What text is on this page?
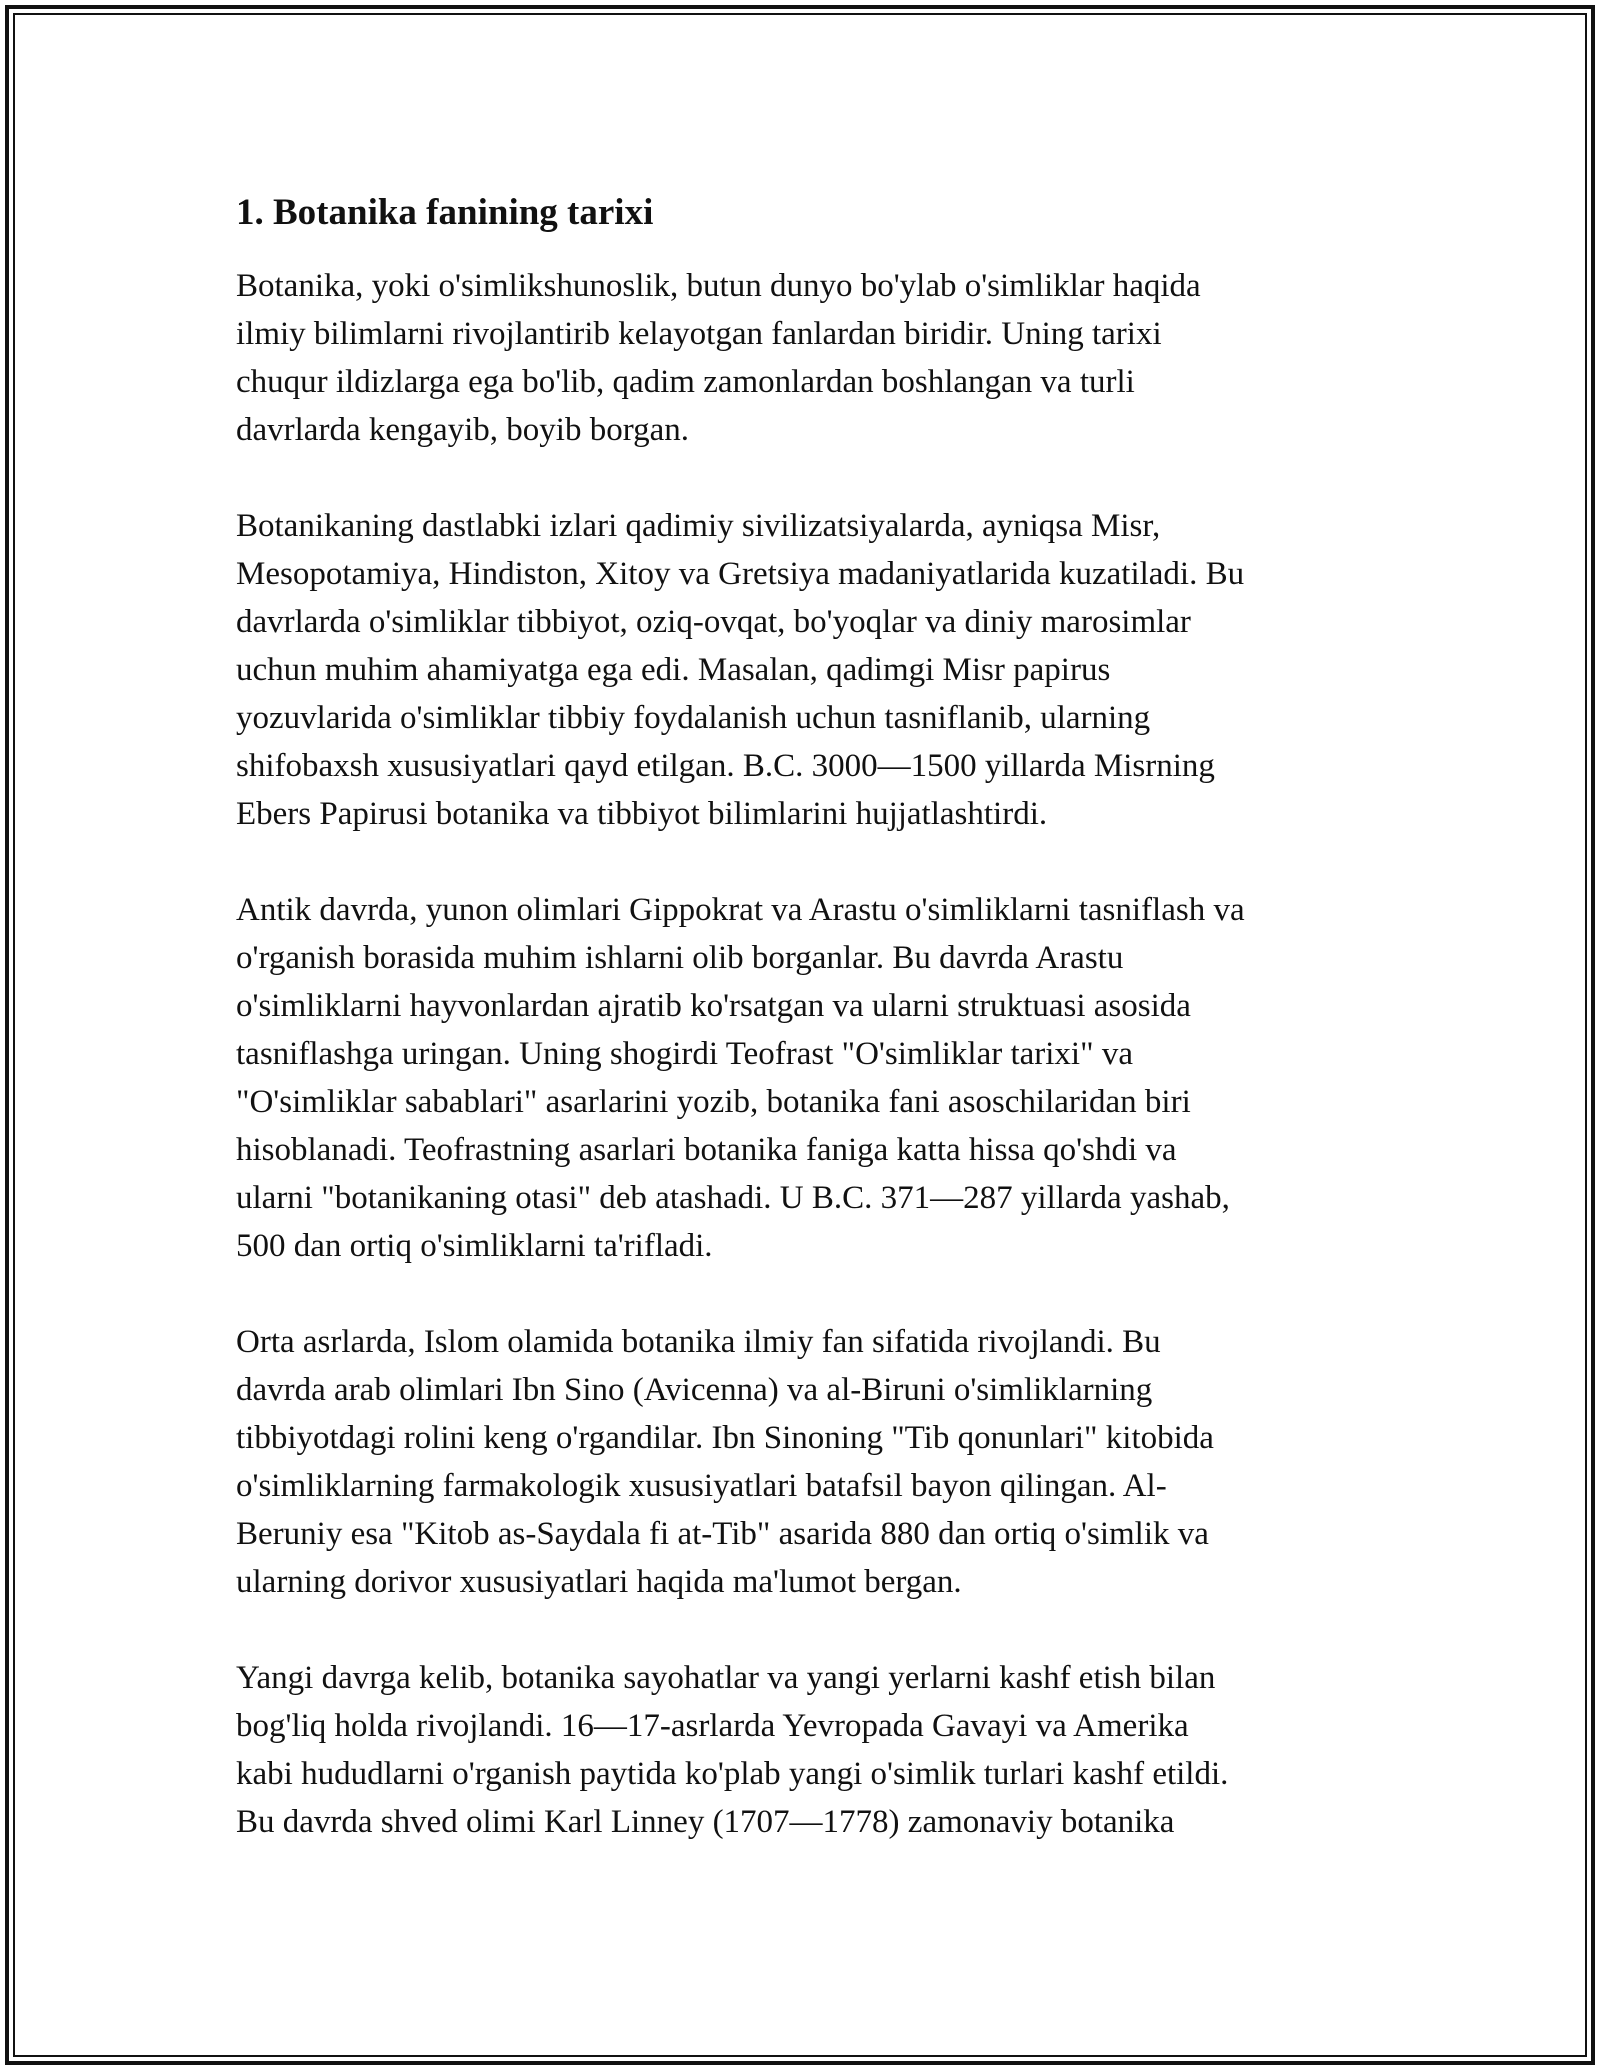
1. Botanika fanining tarixi

Botanika, yoki o'simlikshunoslik, butun dunyo bo'ylab o'simliklar haqida
ilmiy bilimlarni rivojlantirib kelayotgan fanlardan biridir. Uning tarixi
chuqur ildizlarga ega bo'lib, qadim zamonlardan boshlangan va turli
davrlarda kengayib, boyib borgan.

Botanikaning dastlabki izlari qadimiy sivilizatsiyalarda, ayniqsa Misr,
Mesopotamiya, Hindiston, Xitoy va Gretsiya madaniyatlarida kuzatiladi. Bu
davrlarda o'simliklar tibbiyot, oziq-ovqat, bo'yoqlar va diniy marosimlar
uchun muhim ahamiyatga ega edi. Masalan, qadimgi Misr papirus
yozuvlarida o'simliklar tibbiy foydalanish uchun tasniflanib, ularning
shifobaxsh xususiyatlari qayd etilgan. B.C. 3000—1500 yillarda Misrning
Ebers Papirusi botanika va tibbiyot bilimlarini hujjatlashtirdi.

Antik davrda, yunon olimlari Gippokrat va Arastu o'simliklarni tasniflash va
o'rganish borasida muhim ishlarni olib borganlar. Bu davrda Arastu
o'simliklarni hayvonlardan ajratib ko'rsatgan va ularni struktuasi asosida
tasniflashga uringan. Uning shogirdi Teofrast "O'simliklar tarixi" va
"O'simliklar sabablari" asarlarini yozib, botanika fani asoschilaridan biri
hisoblanadi. Teofrastning asarlari botanika faniga katta hissa qo'shdi va
ularni "botanikaning otasi" deb atashadi. U B.C. 371—287 yillarda yashab,
500 dan ortiq o'simliklarni ta'rifladi.

Orta asrlarda, Islom olamida botanika ilmiy fan sifatida rivojlandi. Bu
davrda arab olimlari Ibn Sino (Avicenna) va al-Biruni o'simliklarning
tibbiyotdagi rolini keng o'rgandilar. Ibn Sinoning "Tib qonunlari" kitobida
o'simliklarning farmakologik xususiyatlari batafsil bayon qilingan. Al-
Beruniy esa "Kitob as-Saydala fi at-Tib" asarida 880 dan ortiq o'simlik va
ularning dorivor xususiyatlari haqida ma'lumot bergan.

Yangi davrga kelib, botanika sayohatlar va yangi yerlarni kashf etish bilan
bog'liq holda rivojlandi. 16—17-asrlarda Yevropada Gavayi va Amerika
kabi hududlarni o'rganish paytida ko'plab yangi o'simlik turlari kashf etildi.
Bu davrda shved olimi Karl Linney (1707—1778) zamonaviy botanika
